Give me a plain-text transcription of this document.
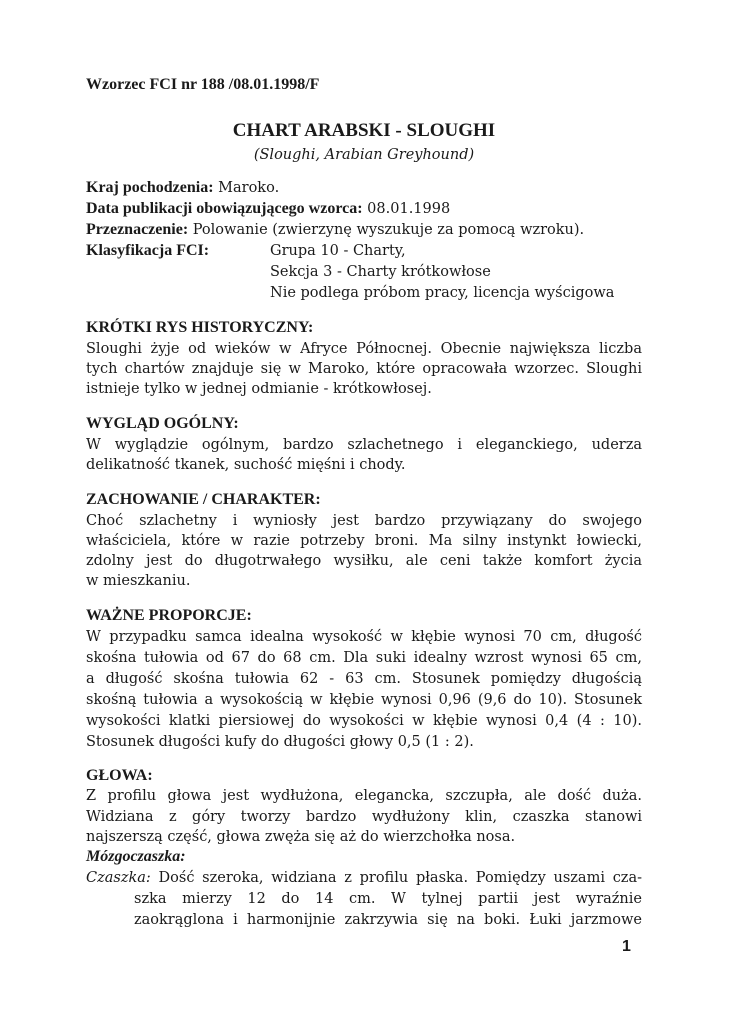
Wzorzec FCI nr 188 /08.01.1998/F
CHART ARABSKI - SLOUGHI
(Sloughi, Arabian Greyhound)
Kraj pochodzenia: Maroko.
Data publikacji obowiązującego wzorca: 08.01.1998
Przeznaczenie: Polowanie (zwierzynę wyszukuje za pomocą wzroku).
Klasyfikacja FCI:	Grupa 10 - Charty,
Sekcja 3 - Charty krótkowłose
Nie podlega próbom pracy, licencja wyścigowa
KRÓTKI RYS HISTORYCZNY:
Sloughi żyje od wieków w Afryce Północnej. Obecnie największa liczba
tych chartów znajduje się w Maroko, które opracowała wzorzec. Sloughi
istnieje tylko w jednej odmianie - krótkowłosej.
WYGLĄD OGÓLNY:
W wyglądzie ogólnym, bardzo szlachetnego i eleganckiego, uderza
delikatność tkanek, suchość mięśni i chody.
ZACHOWANIE / CHARAKTER:
Choć szlachetny i wyniosły jest bardzo przywiązany do swojego
właściciela, które w razie potrzeby broni. Ma silny instynkt łowiecki,
zdolny jest do długotrwałego wysiłku, ale ceni także komfort życia
w mieszkaniu.
WAŻNE PROPORCJE:
W przypadku samca idealna wysokość w kłębie wynosi 70 cm, długość
skośna tułowia od 67 do 68 cm. Dla suki idealny wzrost wynosi 65 cm,
a długość skośna tułowia 62 - 63 cm. Stosunek pomiędzy długością
skośną tułowia a wysokością w kłębie wynosi 0,96 (9,6 do 10). Stosunek
wysokości klatki piersiowej do wysokości w kłębie wynosi 0,4 (4 : 10).
Stosunek długości kufy do długości głowy 0,5 (1 : 2).
GŁOWA:
Z profilu głowa jest wydłużona, elegancka, szczupła, ale dość duża.
Widziana z góry tworzy bardzo wydłużony klin, czaszka stanowi
najszerszą część, głowa zwęża się aż do wierzchołka nosa.
Mózgoczaszka:
Czaszka: Dość szeroka, widziana z profilu płaska. Pomiędzy uszami cza-
szka mierzy 12 do 14 cm. W tylnej partii jest wyraźnie
zaokrąglona i harmonijnie zakrzywia się na boki. Łuki jarzmowe
1
